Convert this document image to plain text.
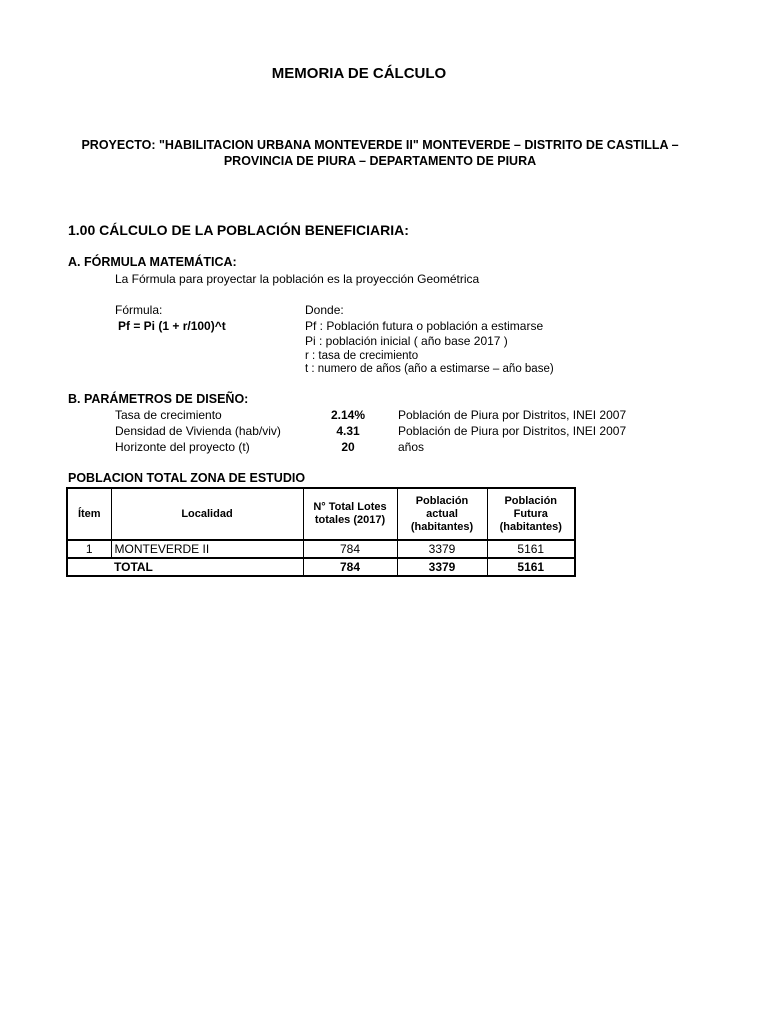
MEMORIA DE CÁLCULO
PROYECTO: "HABILITACION URBANA MONTEVERDE II" MONTEVERDE – DISTRITO DE CASTILLA – PROVINCIA DE PIURA – DEPARTAMENTO DE PIURA
1.00 CÁLCULO DE LA POBLACIÓN BENEFICIARIA:
A. FÓRMULA MATEMÁTICA:
La Fórmula para proyectar la población es la proyección Geométrica
Fórmula:
Pf = Pi (1 + r/100)^t
Donde:
Pf : Población futura o población a estimarse
Pi : población inicial ( año base 2017 )
r : tasa de crecimiento
t : numero de años (año a estimarse – año base)
B. PARÁMETROS DE DISEÑO:
Tasa de crecimiento	2.14%	Población de Piura por Distritos, INEI 2007
Densidad de Vivienda (hab/viv)	4.31	Población de Piura por Distritos, INEI 2007
Horizonte del proyecto (t)	20	años
POBLACION TOTAL ZONA DE ESTUDIO
Ítem	Localidad	N° Total Lotes totales (2017)	Población actual (habitantes)	Población Futura (habitantes)
1	MONTEVERDE II	784	3379	5161
	TOTAL	784	3379	5161
